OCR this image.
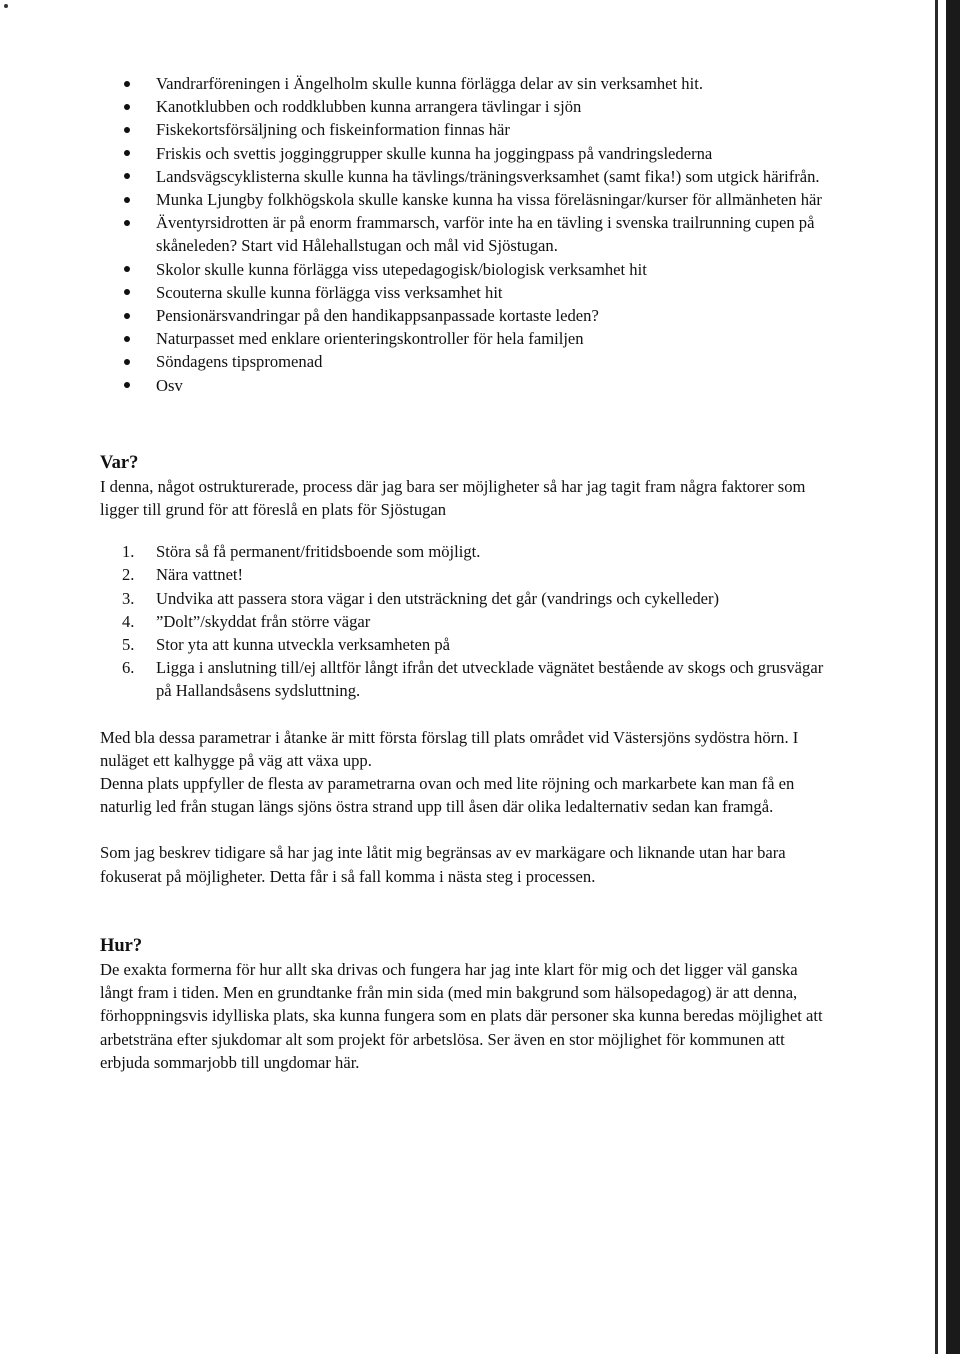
Vandrarföreningen i Ängelholm skulle kunna förlägga delar av sin verksamhet hit.
Kanotklubben och roddklubben kunna arrangera tävlingar i sjön
Fiskekortsförsäljning och fiskeinformation finnas här
Friskis och svettis jogginggrupper skulle kunna ha joggingpass på vandringslederna
Landsvägscyklisterna skulle kunna ha tävlings/träningsverksamhet (samt fika!) som utgick härifrån.
Munka Ljungby folkhögskola skulle kanske kunna ha vissa föreläsningar/kurser för allmänheten här
Äventyrsidrotten är på enorm frammarsch, varför inte ha en tävling i svenska trailrunning cupen på skåneleden? Start vid Hålehallstugan och mål vid Sjöstugan.
Skolor skulle kunna förlägga viss utepedagogisk/biologisk verksamhet hit
Scouterna skulle kunna förlägga viss verksamhet hit
Pensionärsvandringar på den handikappsanpassade kortaste leden?
Naturpasset med enklare orienteringskontroller för hela familjen
Söndagens tipspromenad
Osv
Var?

I denna, något ostrukturerade, process där jag bara ser möjligheter så har jag tagit fram några faktorer som ligger till grund för att föreslå en plats för Sjöstugan

1. Störa så få permanent/fritidsboende som möjligt.
2. Nära vattnet!
3. Undvika att passera stora vägar i den utsträckning det går (vandrings och cykelleder)
4. ”Dolt”/skyddat från större vägar
5. Stor yta att kunna utveckla verksamheten på
6. Ligga i anslutning till/ej alltför långt ifrån det utvecklade vägnätet bestående av skogs och grusvägar på Hallandsåsens sydsluttning.

Med bla dessa parametrar i åtanke är mitt första förslag till plats området vid Västersjöns sydöstra hörn. I nuläget ett kalhygge på väg att växa upp.

Denna plats uppfyller de flesta av parametrarna ovan och med lite röjning och markarbete kan man få en naturlig led från stugan längs sjöns östra strand upp till åsen där olika ledalternativ sedan kan framgå.

Som jag beskrev tidigare så har jag inte låtit mig begränsas av ev markägare och liknande utan har bara fokuserat på möjligheter. Detta får i så fall komma i nästa steg i processen.

Hur?

De exakta formerna för hur allt ska drivas och fungera har jag inte klart för mig och det ligger väl ganska långt fram i tiden. Men en grundtanke från min sida (med min bakgrund som hälsopedagog) är att denna, förhoppningsvis idylliska plats, ska kunna fungera som en plats där personer ska kunna beredas möjlighet att arbetsträna efter sjukdomar alt som projekt för arbetslösa. Ser även en stor möjlighet för kommunen att erbjuda sommarjobb till ungdomar här.
